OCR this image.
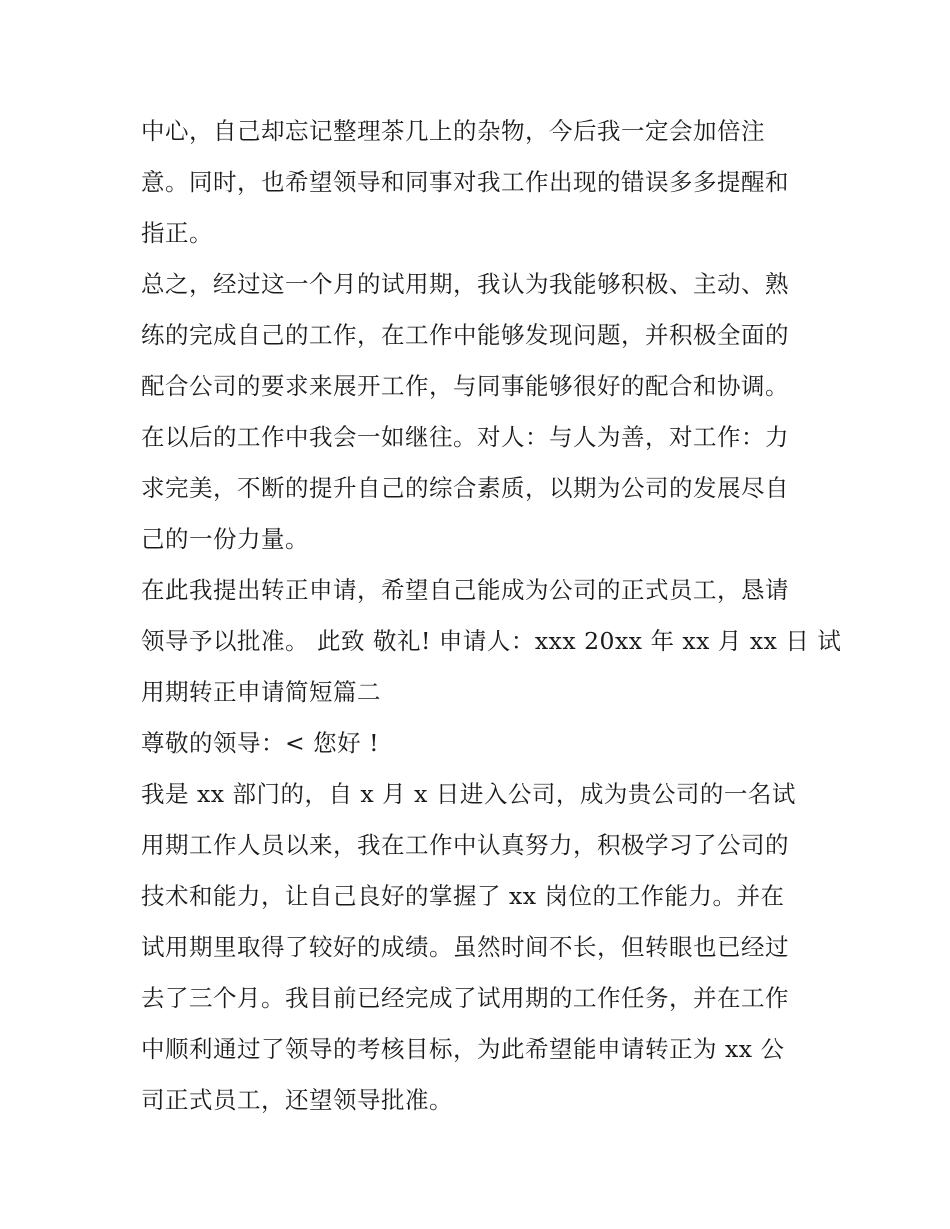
中心，自己却忘记整理茶几上的杂物，今后我一定会加倍注
意。同时，也希望领导和同事对我工作出现的错误多多提醒和
指正。
总之，经过这一个月的试用期，我认为我能够积极、主动、熟
练的完成自己的工作，在工作中能够发现问题，并积极全面的
配合公司的要求来展开工作，与同事能够很好的配合和协调。
在以后的工作中我会一如继往。对人：与人为善，对工作：力
求完美，不断的提升自己的综合素质，以期为公司的发展尽自
己的一份力量。
在此我提出转正申请，希望自己能成为公司的正式员工，恳请
领导予以批准。 此致 敬礼! 申请人：xxx 20xx 年 xx 月 xx 日 试
用期转正申请简短篇二
尊敬的领导：< 您好 !
我是 xx 部门的，自 x 月 x 日进入公司，成为贵公司的一名试
用期工作人员以来，我在工作中认真努力，积极学习了公司的
技术和能力，让自己良好的掌握了 xx 岗位的工作能力。并在
试用期里取得了较好的成绩。虽然时间不长，但转眼也已经过
去了三个月。我目前已经完成了试用期的工作任务，并在工作
中顺利通过了领导的考核目标，为此希望能申请转正为 xx 公
司正式员工，还望领导批准。
